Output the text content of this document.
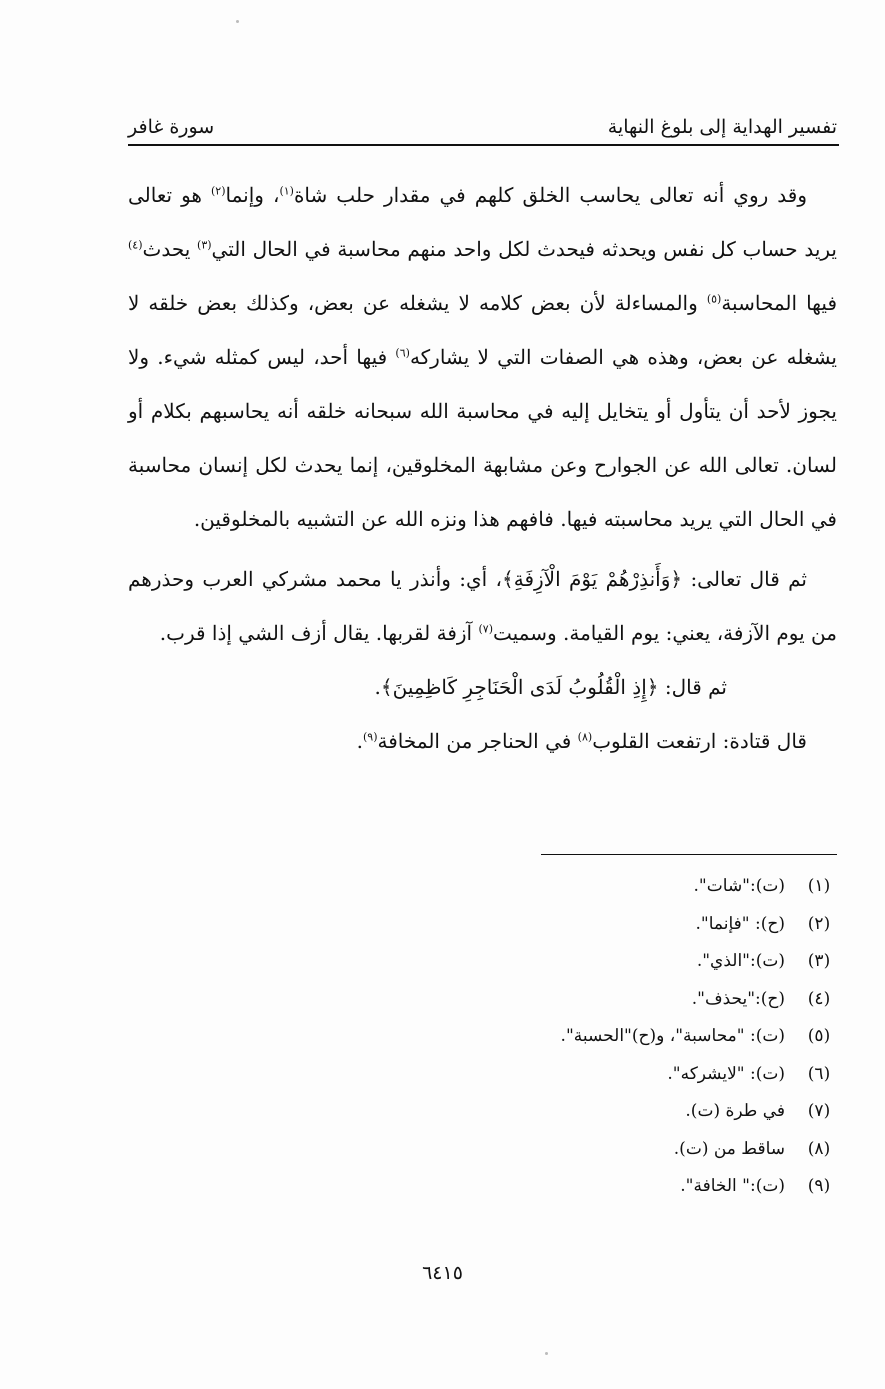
تفسير الهداية إلى بلوغ النهاية
سورة غافر

وقد روي أنه تعالى يحاسب الخلق كلهم في مقدار حلب شاة$^{(١)}$، وإنما$^{(٢)}$ هو تعالى يريد حساب كل نفس ويحدثه فيحدث لكل واحد منهم محاسبة في الحال التي$^{(٣)}$ يحدث$^{(٤)}$ فيها المحاسبة$^{(٥)}$ والمساءلة لأن بعض كلامه لا يشغله عن بعض، وكذلك بعض خلقه لا يشغله عن بعض، وهذه هي الصفات التي لا يشاركه$^{(٦)}$ فيها أحد، ليس كمثله شيء. ولا يجوز لأحد أن يتأول أو يتخايل إليه في محاسبة الله سبحانه خلقه أنه يحاسبهم بكلام أو لسان. تعالى الله عن الجوارح وعن مشابهة المخلوقين، إنما يحدث لكل إنسان محاسبة في الحال التي يريد محاسبته فيها. فافهم هذا ونزه الله عن التشبيه بالمخلوقين.

ثم قال تعالى: ﴿وَأَنذِرْهُمْ يَوْمَ الْآزِفَةِ﴾، أي: وأنذر يا محمد مشركي العرب وحذرهم من يوم الآزفة، يعني: يوم القيامة. وسميت$^{(٧)}$ آزفة لقربها. يقال أزف الشي إذا قرب.

ثم قال: ﴿إِذِ الْقُلُوبُ لَدَى الْحَنَاجِرِ كَاظِمِينَ﴾.

قال قتادة: ارتفعت القلوب$^{(٨)}$ في الحناجر من المخافة$^{(٩)}$.

(١)
(ت):"شات".
(٢)
(ح): "فإنما".
(٣)
(ت):"الذي".
(٤)
(ح):"يحذف".
(٥)
(ت): "محاسبة"، و(ح)"الحسبة".
(٦)
(ت): "لايشركه".
(٧)
في طرة (ت).
(٨)
ساقط من (ت).
(٩)
(ت):" الخافة".
٦٤١٥
